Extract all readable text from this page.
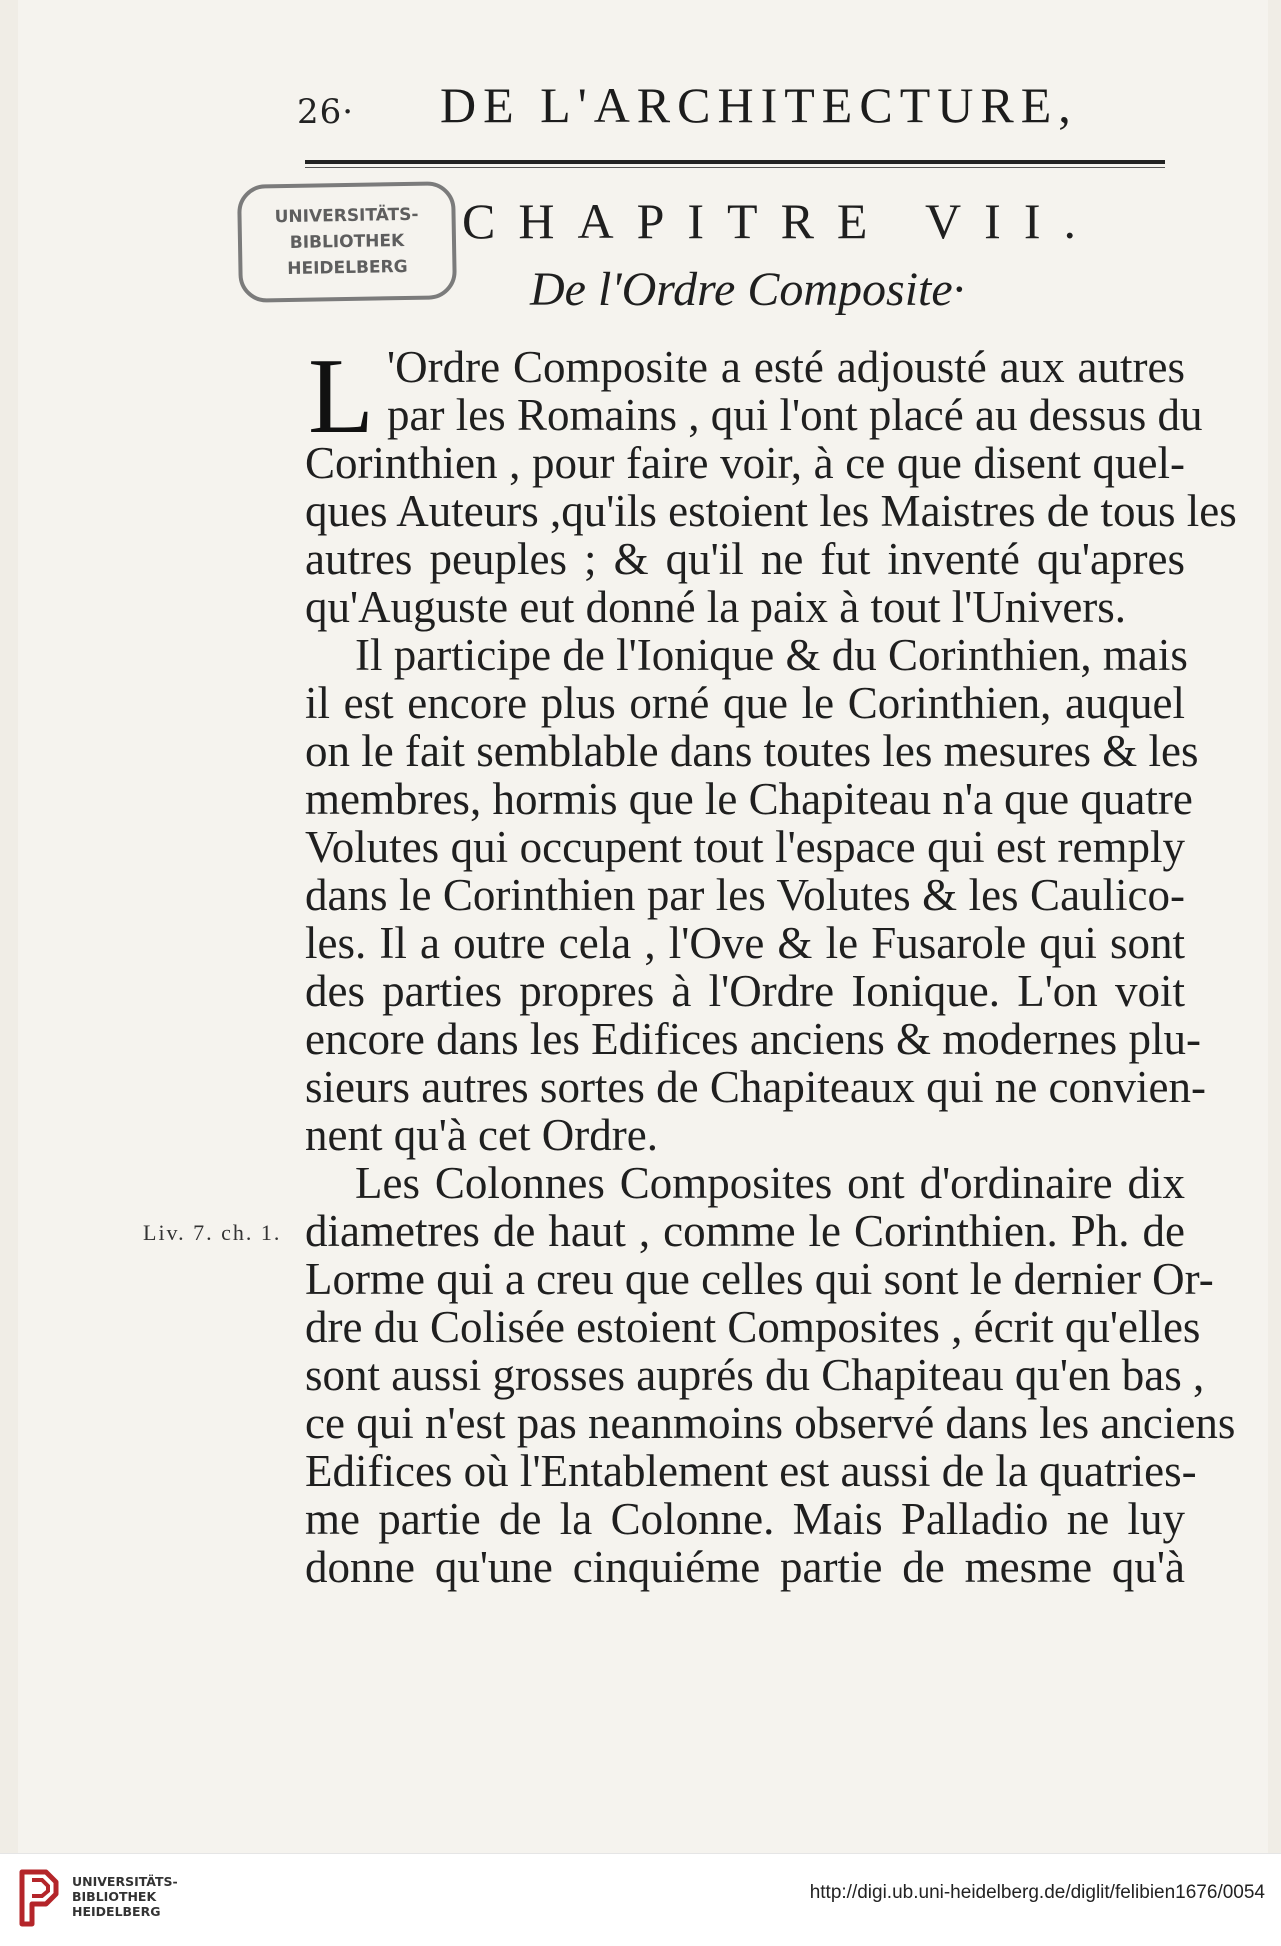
26· DE L'ARCHITECTURE,
UNIVERSITÄTS-
BIBLIOTHEK
HEIDELBERG
CHAPITRE VII.
De l'Ordre Composite·
L 'Ordre Composite a esté adjousté aux autres
par les Romains , qui l'ont placé au dessus du
Corinthien , pour faire voir, à ce que disent quel-
ques Auteurs ,qu'ils estoient les Maistres de tous les
autres peuples ; & qu'il ne fut inventé qu'apres
qu'Auguste eut donné la paix à tout l'Univers.
Il participe de l'Ionique & du Corinthien, mais
il est encore plus orné que le Corinthien, auquel
on le fait semblable dans toutes les mesures & les
membres, hormis que le Chapiteau n'a que quatre
Volutes qui occupent tout l'espace qui est remply
dans le Corinthien par les Volutes & les Caulico-
les. Il a outre cela , l'Ove & le Fusarole qui sont
des parties propres à l'Ordre Ionique. L'on voit
encore dans les Edifices anciens & modernes plu-
sieurs autres sortes de Chapiteaux qui ne convien-
nent qu'à cet Ordre.
Les Colonnes Composites ont d'ordinaire dix
diametres de haut , comme le Corinthien. Ph. de
Lorme qui a creu que celles qui sont le dernier Or-
dre du Colisée estoient Composites , écrit qu'elles
sont aussi grosses auprés du Chapiteau qu'en bas ,
ce qui n'est pas neanmoins observé dans les anciens
Edifices où l'Entablement est aussi de la quatries-
me partie de la Colonne. Mais Palladio ne luy
donne qu'une cinquiéme partie de mesme qu'à
Liv. 7. ch. 1.
UNIVERSITÄTS-
BIBLIOTHEK
HEIDELBERG
http://digi.ub.uni-heidelberg.de/diglit/felibien1676/0054
